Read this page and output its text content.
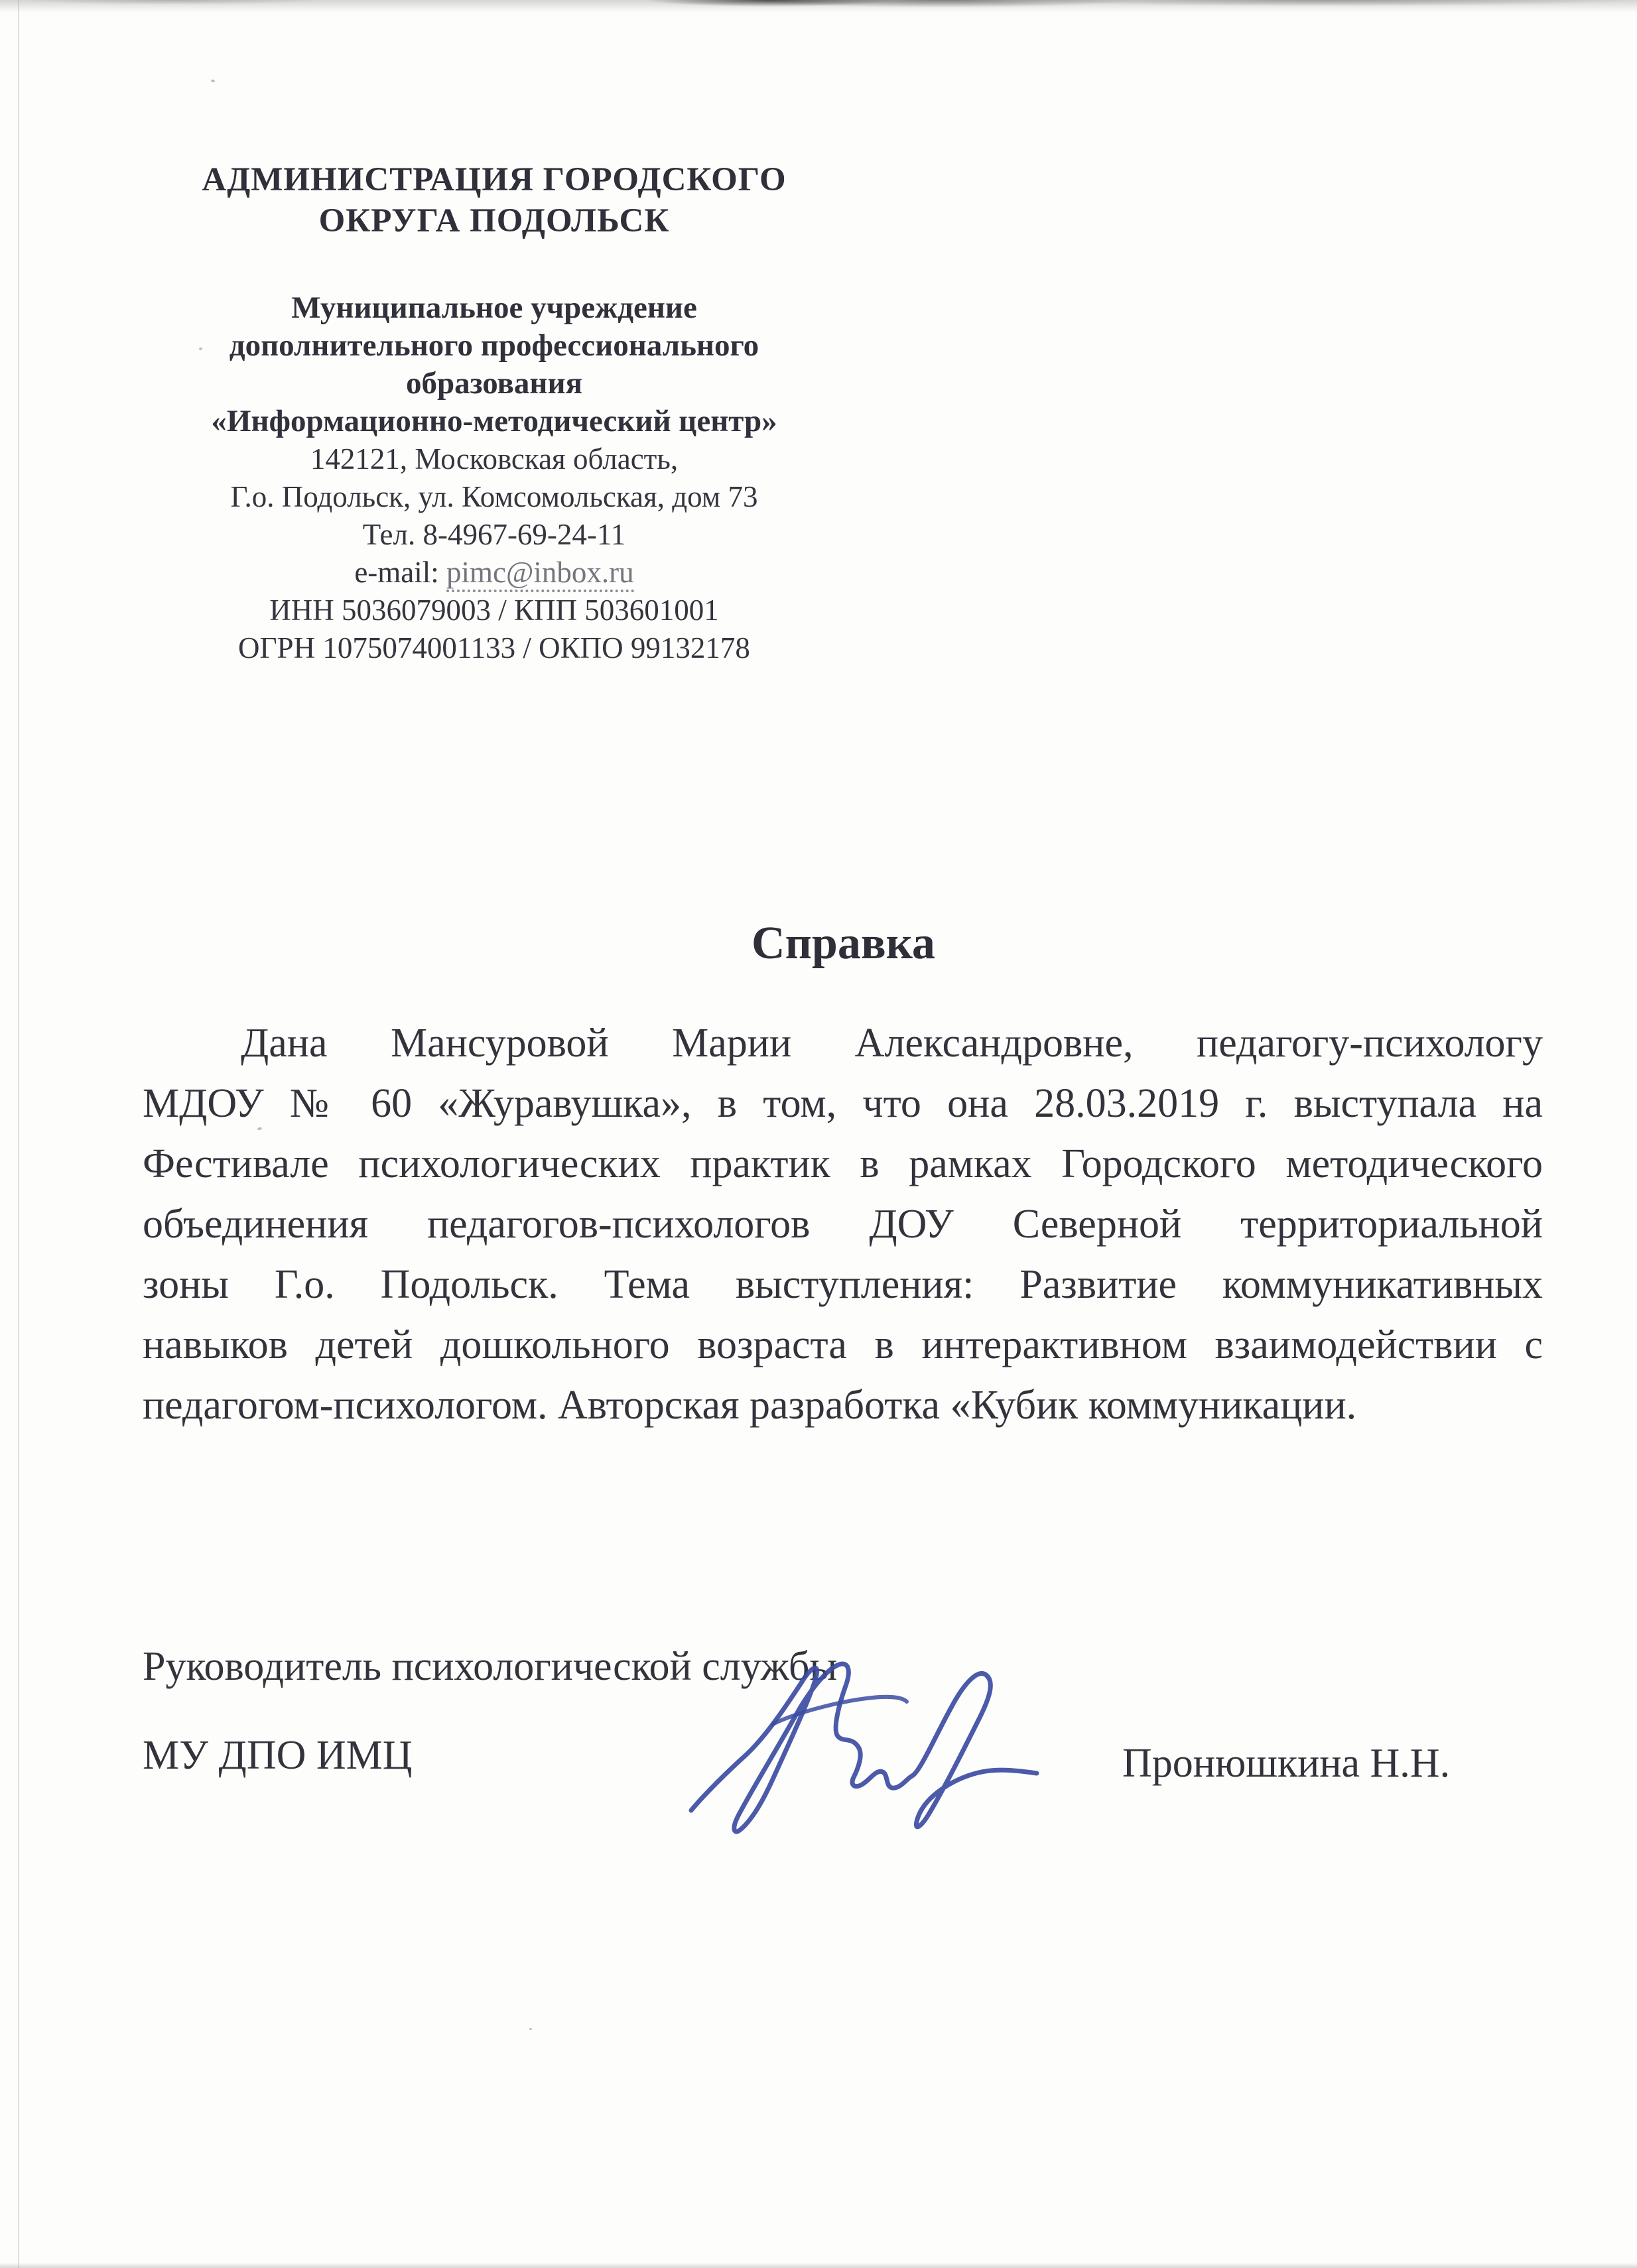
АДМИНИСТРАЦИЯ ГОРОДСКОГО
ОКРУГА ПОДОЛЬСК
Муниципальное учреждение
дополнительного профессионального
образования
«Информационно-методический центр»
142121, Московская область,
Г.о. Подольск, ул. Комсомольская, дом 73
Тел. 8-4967-69-24-11
e-mail: pimc@inbox.ru
ИНН 5036079003 / КПП 503601001
ОГРН 1075074001133 / ОКПО 99132178
Справка
Дана Мансуровой Марии Александровне, педагогу-психологу
МДОУ № 60 «Журавушка», в том, что она 28.03.2019 г. выступала на
Фестивале психологических практик в рамках Городского методического
объединения педагогов-психологов ДОУ Северной территориальной
зоны Г.о. Подольск. Тема выступления: Развитие коммуникативных
навыков детей дошкольного возраста в интерактивном взаимодействии с
педагогом-психологом. Авторская разработка «Кубик коммуникации.
Руководитель психологической службы
МУ ДПО ИМЦ	Пронюшкина Н.Н.
